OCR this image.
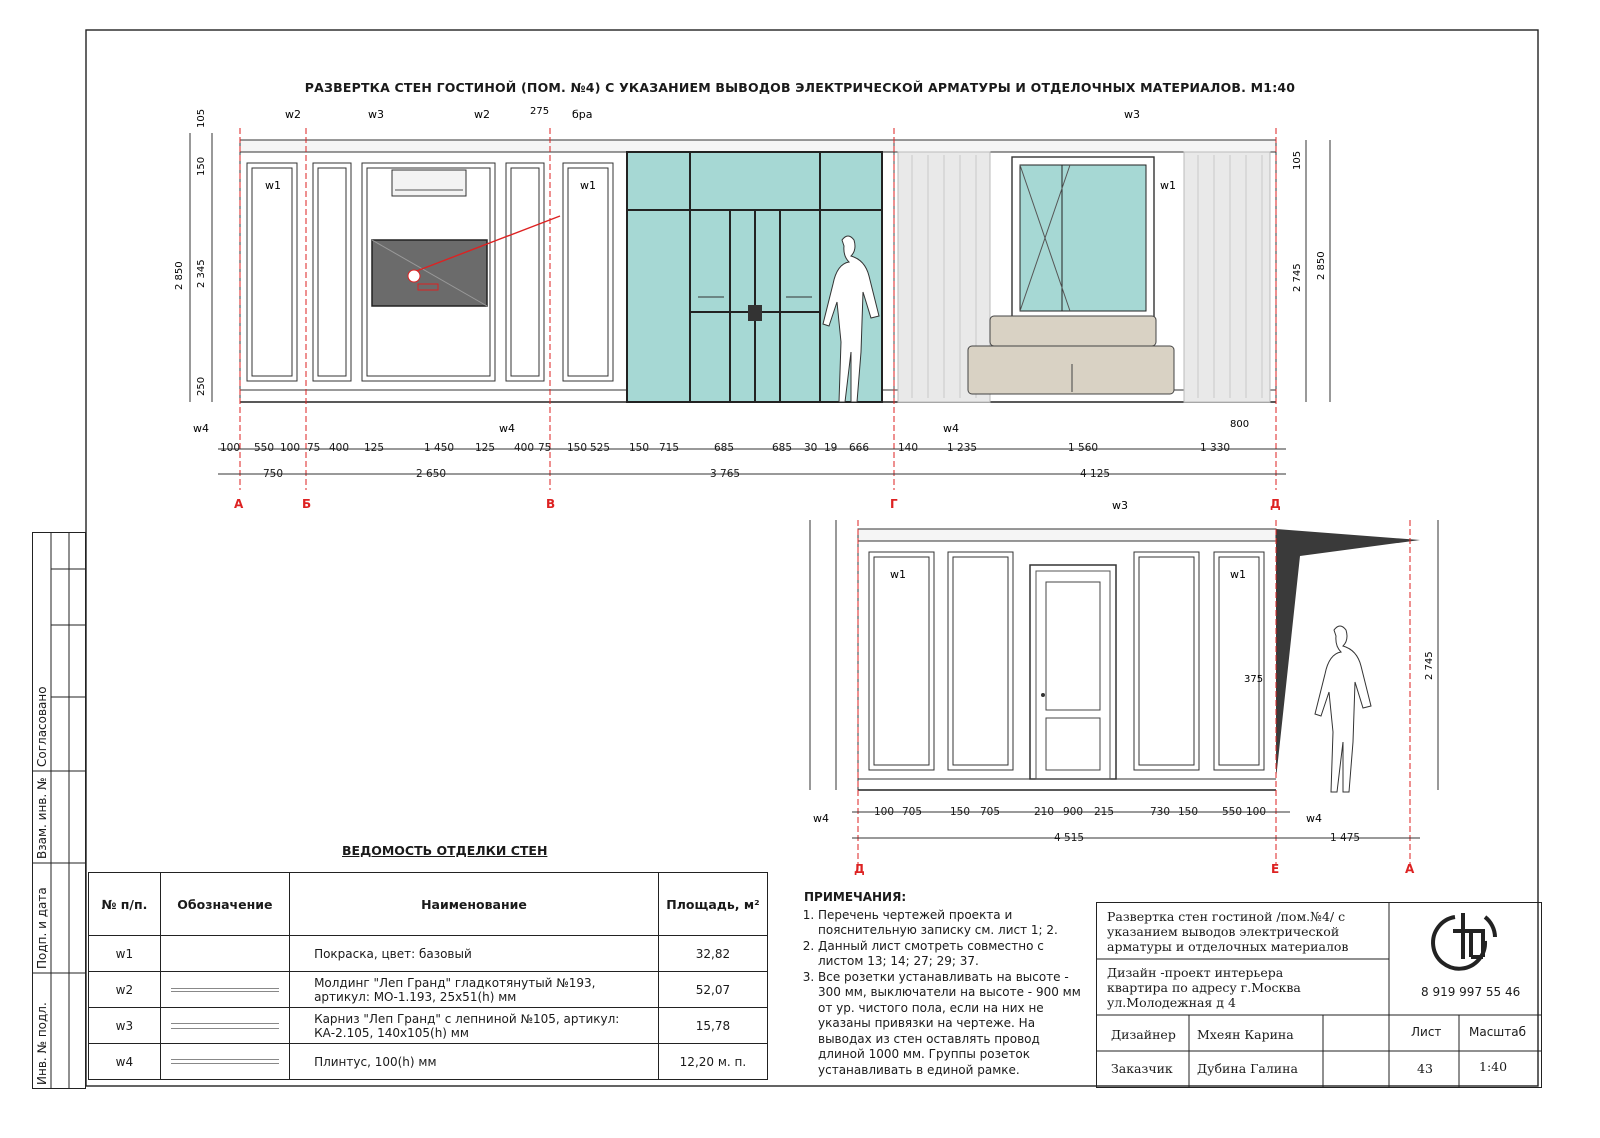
w1	w1
105
150
2 345
250
2 850
105
2 745 2 850
w2	w3	w2	275 бра	w3
w4	w4	w4
w1
800
w1	w1
w3
w4	w4
375	2 745
А	Б	В	Г	Д
Д	Е	А
100 550 100 75 400 125	1 450 125 400 75 150 525 150 715	685	685 30 19 666	140	1 235	1 560	1 330
750	2 650	3 765	4 125
100 705	150 705	210 900 215	730 150 550 100
4 515	1 475
РАЗВЕРТКА СТЕН ГОСТИНОЙ (ПОМ. №4) С УКАЗАНИЕМ ВЫВОДОВ ЭЛЕКТРИЧЕСКОЙ АРМАТУРЫ И ОТДЕЛОЧНЫХ МАТЕРИАЛОВ. М1:40
Согласовано
Взам. инв. №
Подп. и дата
Инв. № подл.
ВЕДОМОСТЬ ОТДЕЛКИ СТЕН
№ п/п.	Обозначение	Наименование	Площадь, м²
w1		Покраска, цвет: базовый	32,82
w2		Молдинг "Леп Гранд" гладкотянутый №193, артикул: МО-1.193, 25x51(h) мм	52,07
w3		Карниз "Леп Гранд" с лепниной №105, артикул: КА-2.105, 140x105(h) мм	15,78
w4		Плинтус, 100(h) мм	12,20 м. п.
ПРИМЕЧАНИЯ:
1. Перечень чертежей проекта и пояснительную записку см. лист 1; 2.
2. Данный лист смотреть совместно с листом 13; 14; 27; 29; 37.
3. Все розетки устанавливать на высоте - 300 мм, выключатели на высоте - 900 мм от ур. чистого пола, если на них не указаны привязки на чертеже. На выводах из стен оставлять провод длиной 1000 мм. Группы розеток устанавливать в единой рамке.
Развертка стен гостиной /пом.№4/ с указанием выводов электрической арматуры и отделочных материалов
Дизайн -проект интерьера квартира по адресу г.Москва ул.Молодежная д 4
8 919 997 55 46
Дизайнер Мхеян Карина
Заказчик Дубина Галина
Лист
43
Масштаб
1:40
